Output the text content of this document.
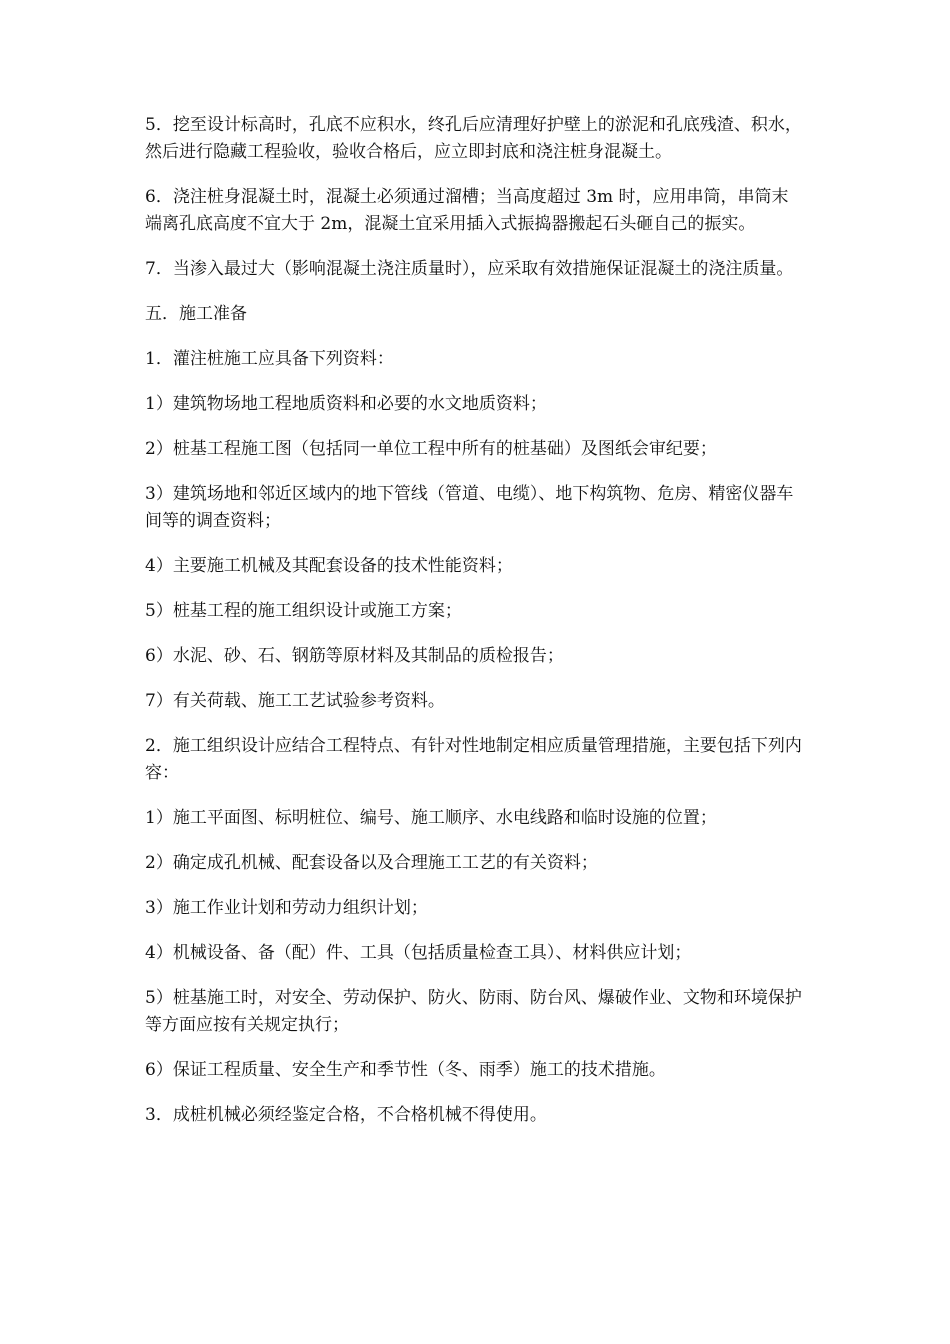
5．挖至设计标高时，孔底不应积水，终孔后应清理好护壁上的淤泥和孔底残渣、积水，然后进行隐藏工程验收，验收合格后，应立即封底和浇注桩身混凝土。

6．浇注桩身混凝土时，混凝土必须通过溜槽；当高度超过 3m 时，应用串筒，串筒末端离孔底高度不宜大于 2m，混凝土宜采用插入式振捣器搬起石头砸自己的振实。

7．当渗入最过大（影响混凝土浇注质量时），应采取有效措施保证混凝土的浇注质量。

五．施工准备

1．灌注桩施工应具备下列资料：

1）建筑物场地工程地质资料和必要的水文地质资料；

2）桩基工程施工图（包括同一单位工程中所有的桩基础）及图纸会审纪要；

3）建筑场地和邻近区域内的地下管线（管道、电缆）、地下构筑物、危房、精密仪器车间等的调查资料；

4）主要施工机械及其配套设备的技术性能资料；

5）桩基工程的施工组织设计或施工方案；

6）水泥、砂、石、钢筋等原材料及其制品的质检报告；

7）有关荷载、施工工艺试验参考资料。

2．施工组织设计应结合工程特点、有针对性地制定相应质量管理措施，主要包括下列内容：

1）施工平面图、标明桩位、编号、施工顺序、水电线路和临时设施的位置；

2）确定成孔机械、配套设备以及合理施工工艺的有关资料；

3）施工作业计划和劳动力组织计划；

4）机械设备、备（配）件、工具（包括质量检查工具）、材料供应计划；

5）桩基施工时，对安全、劳动保护、防火、防雨、防台风、爆破作业、文物和环境保护等方面应按有关规定执行；

6）保证工程质量、安全生产和季节性（冬、雨季）施工的技术措施。

3．成桩机械必须经鉴定合格，不合格机械不得使用。
